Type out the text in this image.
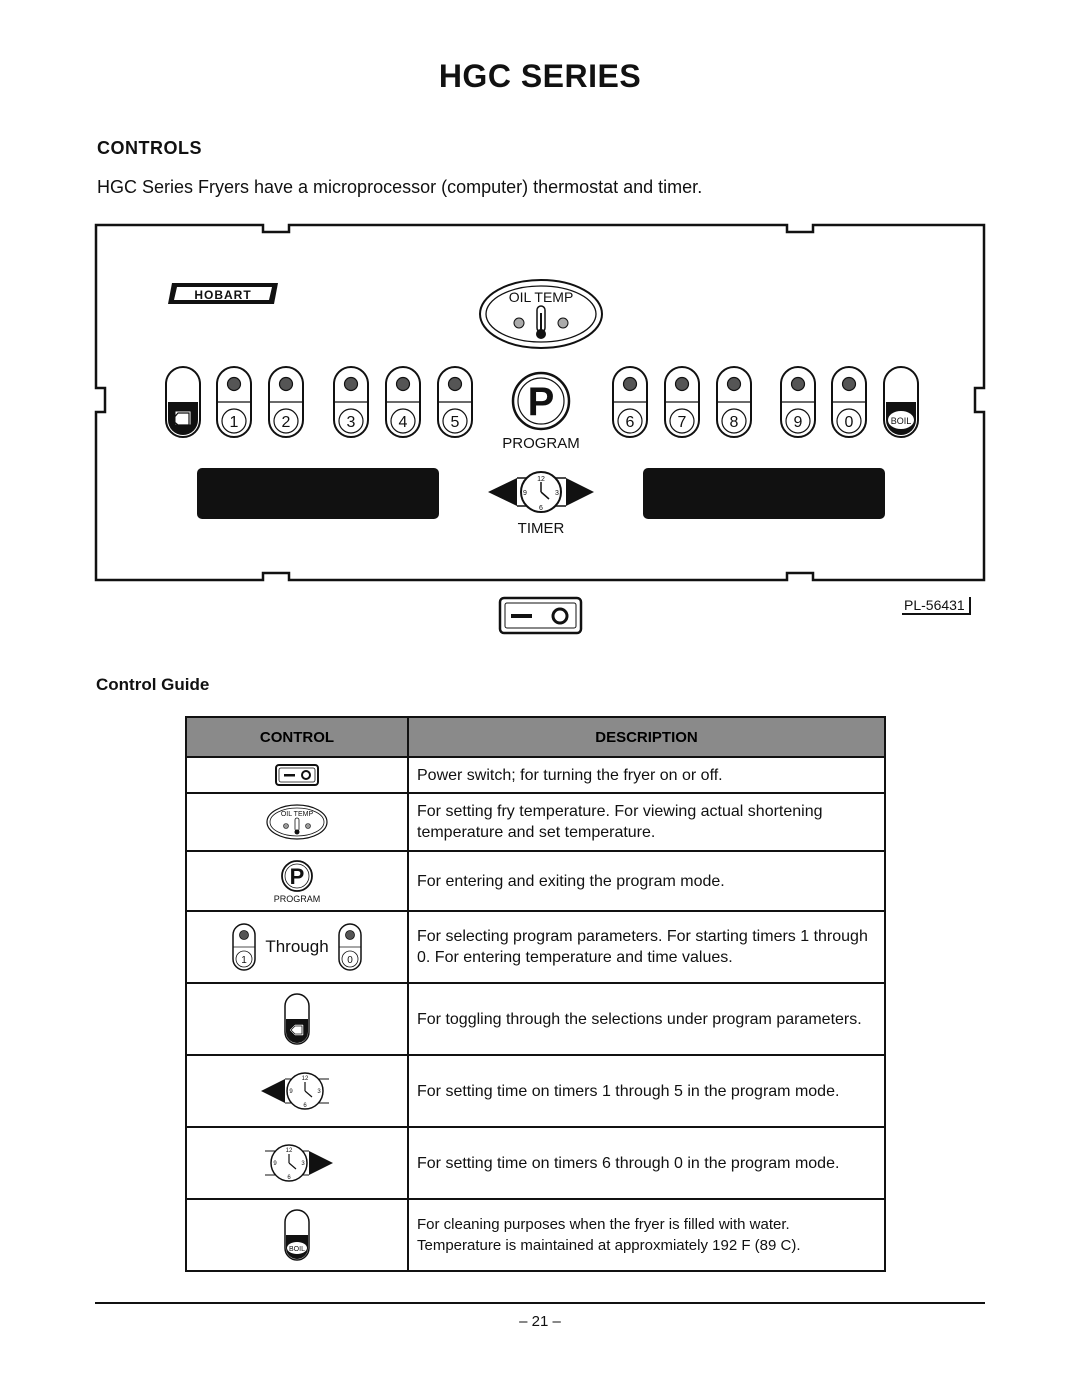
HGC SERIES
CONTROLS
HGC Series Fryers have a microprocessor (computer) thermostat and timer.
HOBART	OIL TEMP
1	2	3	4	5	6	7	8	9	0
P
PROGRAM
BOIL
12
3
6
9
TIMER
PL-56431
Control Guide
CONTROL	DESCRIPTION

	Power switch; for turning the fryer on or off.

OIL TEMP	For setting fry temperature. For viewing actual shortening temperature and set temperature.

P
PROGRAM	For entering and exiting the program mode.

1
Through
0	For selecting program parameters. For starting timers 1 through 0. For entering temperature and time values.

	For toggling through the selections under program parameters.

12
3
6
9	For setting time on timers 1 through 5 in the program mode.

12
3
6
9	For setting time on timers 6 through 0 in the program mode.

BOIL	For cleaning purposes when the fryer is filled with water. Temperature is maintained at approxmiately 192 F (89 C).
– 21 –
